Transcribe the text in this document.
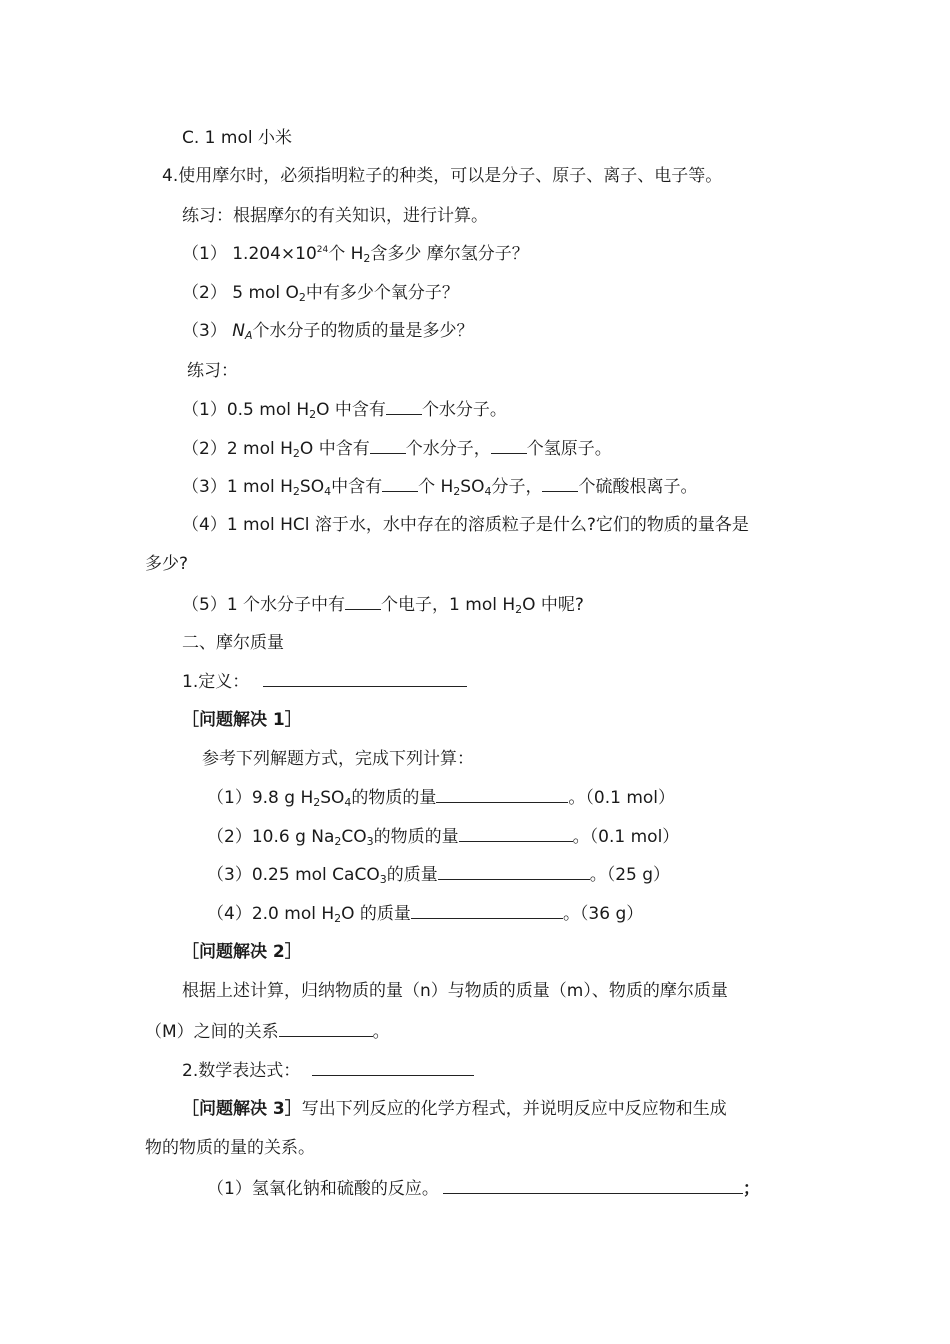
C. 1 mol 小米
4.使用摩尔时，必须指明粒子的种类，可以是分子、原子、离子、电子等。
练习：根据摩尔的有关知识，进行计算。
（1） $1.204\times 10^{24}$个 $H_2$含多少 摩尔氢分子？
（2） 5 mol $O_2$中有多少个氧分子？
（3） $N_A$个水分子的物质的量是多少？
练习：
（1）0.5 mol $H_2O$ 中含有 个水分子。
（2）2 mol $H_2O$ 中含有 个水分子， 个氢原子。
（3）1 mol $H_2SO_4$中含有 个 $H_2SO_4$分子， 个硫酸根离子。
（4）1 mol HCl 溶于水，水中存在的溶质粒子是什么?它们的物质的量各是
多少?
（5）1 个水分子中有 个电子，1 mol $H_2O$ 中呢?
二、摩尔质量
1.定义：
［问题解决 1］
参考下列解题方式，完成下列计算：
（1）9.8 g $H_2SO_4$的物质的量	。（0.1 mol）
（2）10.6 g $Na_2CO_3$的物质的量	。（0.1 mol）
（3）0.25 mol CaCO$_3$的质量	。（25 g）
（4）2.0 mol $H_2O$ 的质量	。（36 g）
［问题解决 2］
根据上述计算，归纳物质的量（n）与物质的质量（m）、物质的摩尔质量
（M）之间的关系	。
2.数学表达式：
［问题解决 3］写出下列反应的化学方程式，并说明反应中反应物和生成
物的物质的量的关系。
（1）氢氧化钠和硫酸的反应。	；
